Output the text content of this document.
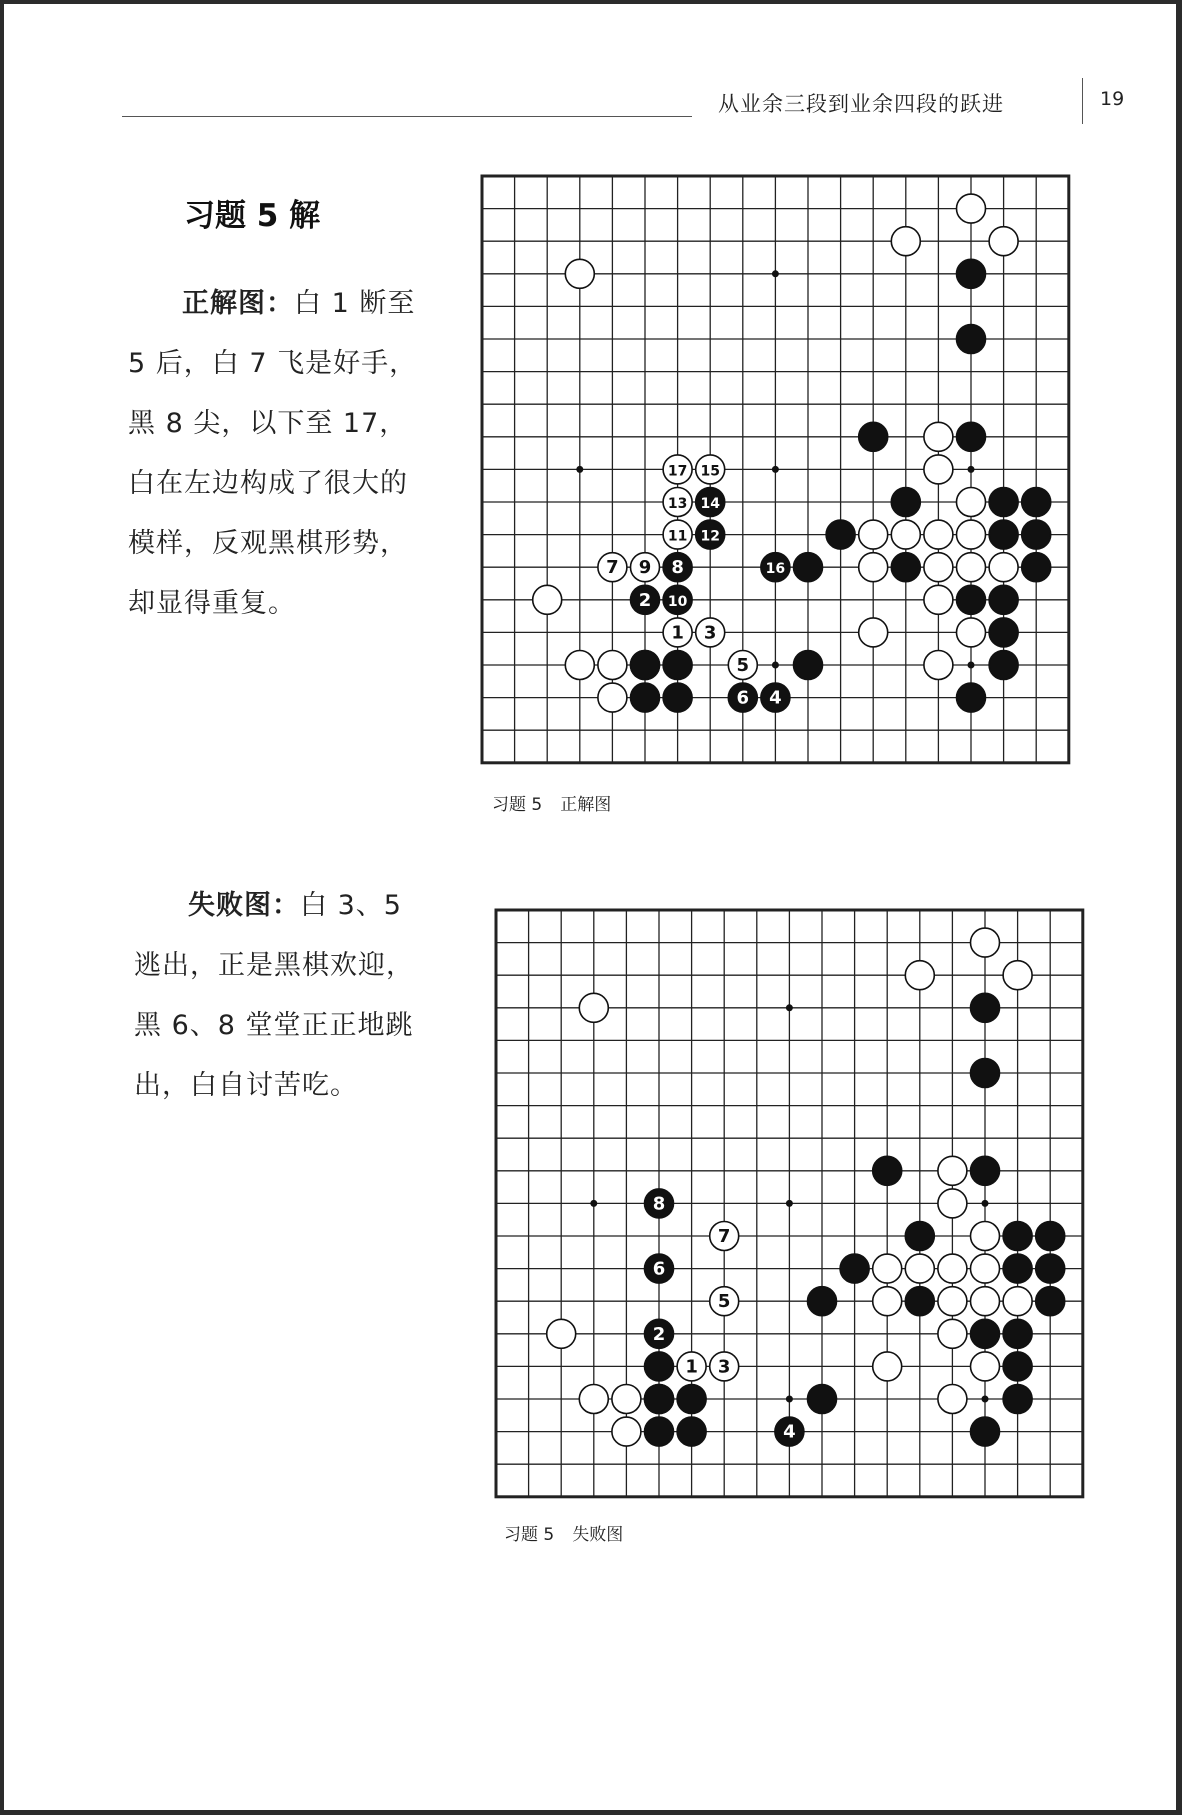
从业余三段到业余四段的跃进	19
习题 5 解

正解图：白 1 断至 5 后，白 7 飞是好手，黑 8 尖，以下至 17，白在左边构成了很大的模样，反观黑棋形势，却显得重复。

1
2
3
4
5
6
7	8
9
10
11 12
13 14
15
16
17
习题 5 正解图

失败图：白 3、5 逃出，正是黑棋欢迎，黑 6、8 堂堂正正地跳出，白自讨苦吃。

1
2
3
4
5
6
7
8
习题 5 失败图
